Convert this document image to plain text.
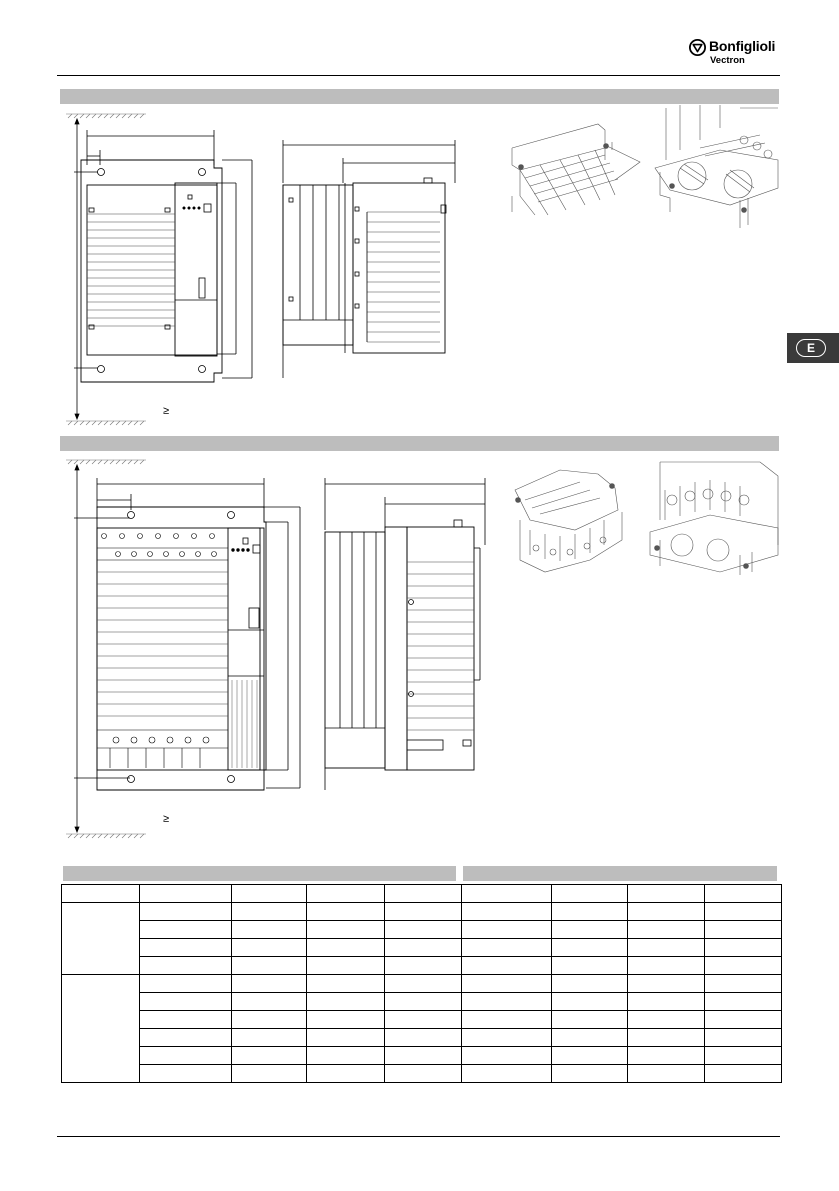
Bonfiglioli
Vectron
E
≥
≥
